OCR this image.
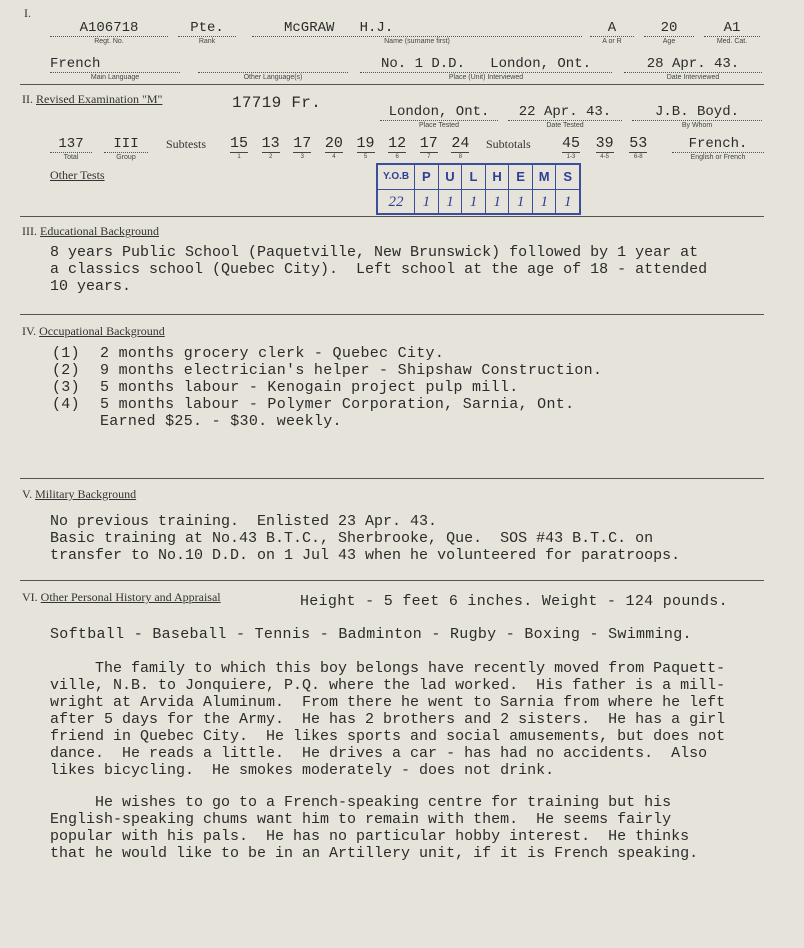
I.
A106718
Regt. No.
Pte.
Rank
McGRAW   H.J.
Name (surname first)
A
A or R
20
Age
A1
Med. Cat.
French
Main Language
	Other Language(s)
No. 1 D.D.   London, Ont.
Place (Unit) Interviewed
28 Apr. 43.
Date Interviewed
II. Revised Examination "M"	17719 Fr.	London, Ont.
Place Tested
22 Apr. 43.
Date Tested
J.B. Boyd.
By Whom
137
Total
III
Group
Subtests 15
1

13
2

17
3

20
4

19
5

12
6

17
7

24
8
Subtotals 45
1-3

39
4-5

53
6-8
French.
English or French
Other Tests	Y.O.B P	U	L	H	E	M	S
22	1	1	1	1	1	1	1
III. Educational Background
8 years Public School (Paquetville, New Brunswick) followed by 1 year at
a classics school (Quebec City).  Left school at the age of 18 - attended
10 years.
IV. Occupational Background
(1) 2 months grocery clerk - Quebec City.
(2) 9 months electrician's helper - Shipshaw Construction.
(3) 5 months labour - Kenogain project pulp mill.
(4) 5 months labour - Polymer Corporation, Sarnia, Ont.
Earned $25. - $30. weekly.
V. Military Background
No previous training.  Enlisted 23 Apr. 43.
Basic training at No.43 B.T.C., Sherbrooke, Que.  SOS #43 B.T.C. on
transfer to No.10 D.D. on 1 Jul 43 when he volunteered for paratroops.
VI. Other Personal History and Appraisal	Height - 5 feet 6 inches. Weight - 124 pounds.
Softball - Baseball - Tennis - Badminton - Rugby - Boxing - Swimming.
The family to which this boy belongs have recently moved from Paquett-
ville, N.B. to Jonquiere, P.Q. where the lad worked.  His father is a mill-
wright at Arvida Aluminum.  From there he went to Sarnia from where he left
after 5 days for the Army.  He has 2 brothers and 2 sisters.  He has a girl
friend in Quebec City.  He likes sports and social amusements, but does not
dance.  He reads a little.  He drives a car - has had no accidents.  Also
likes bicycling.  He smokes moderately - does not drink.
He wishes to go to a French-speaking centre for training but his
English-speaking chums want him to remain with them.  He seems fairly
popular with his pals.  He has no particular hobby interest.  He thinks
that he would like to be in an Artillery unit, if it is French speaking.
